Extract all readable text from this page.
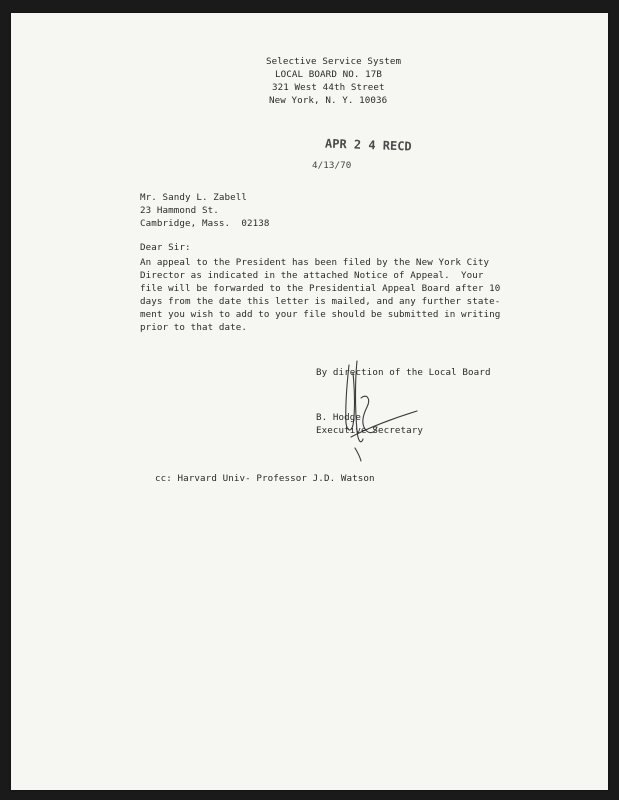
Selective Service System
LOCAL BOARD NO. 17B
321 West 44th Street
New York, N. Y. 10036
APR 2 4 RECD
4/13/70
Mr. Sandy L. Zabell
23 Hammond St.
Cambridge, Mass.  02138
Dear Sir:
An appeal to the President has been filed by the New York City
Director as indicated in the attached Notice of Appeal.  Your
file will be forwarded to the Presidential Appeal Board after 10
days from the date this letter is mailed, and any further state-
ment you wish to add to your file should be submitted in writing
prior to that date.
By direction of the Local Board
B. Hodge
Executive Secretary
cc: Harvard Univ- Professor J.D. Watson
